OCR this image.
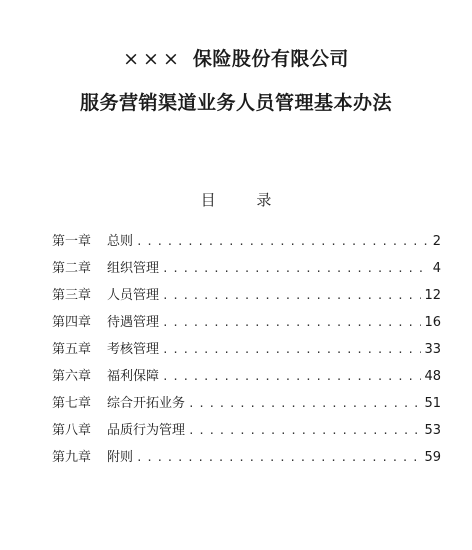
××× 保险股份有限公司
服务营销渠道业务人员管理基本办法
目 录
第一章	总则 .....	2
第二章	组织管理 .....	4
第三章	人员管理 .....	12
第四章	待遇管理 .....	16
第五章	考核管理 .....	33
第六章	福利保障 .....	48
第七章	综合开拓业务 .....	51
第八章	品质行为管理 .....	53
第九章	附则 .....	59
